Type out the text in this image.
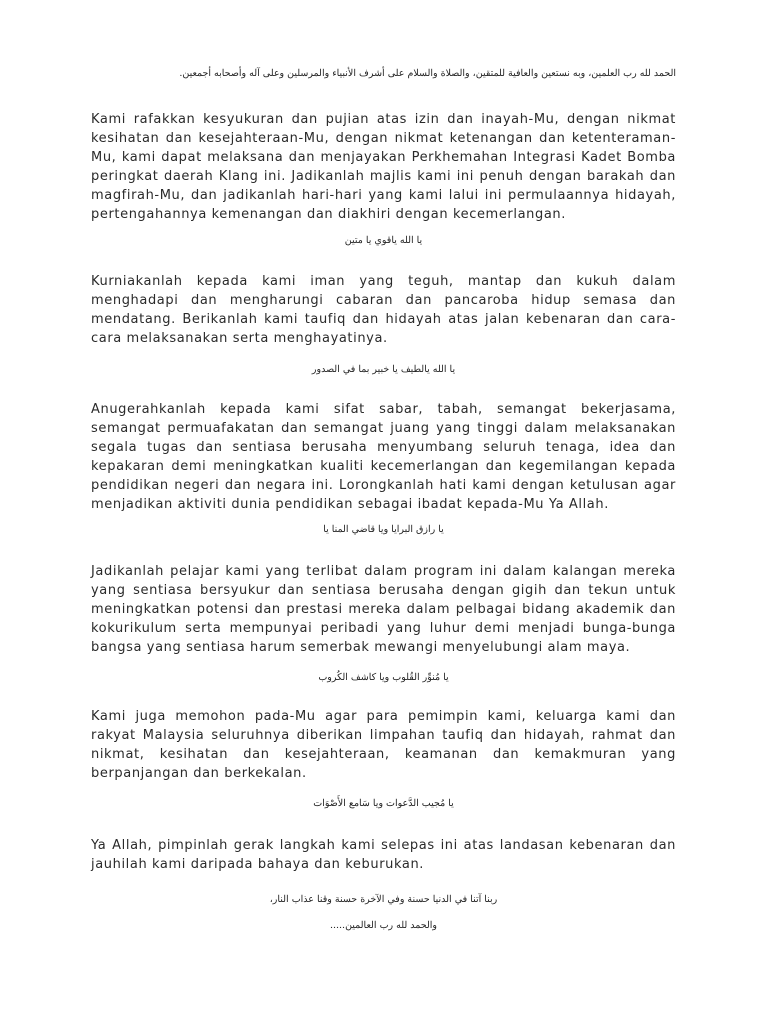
الحمد لله رب العلمين، وبه نستعين والعافية للمتقين، والصلاة والسلام على أشرف الأنبياء والمرسلين وعلى آله وأصحابه أجمعين.

Kami rafakkan kesyukuran dan pujian atas izin dan inayah-Mu, dengan nikmat kesihatan dan kesejahteraan-Mu, dengan nikmat ketenangan dan ketenteraman-Mu, kami dapat melaksana dan menjayakan Perkhemahan Integrasi Kadet Bomba peringkat daerah Klang ini. Jadikanlah majlis kami ini penuh dengan barakah dan magfirah-Mu, dan jadikanlah hari-hari yang kami lalui ini permulaannya hidayah, pertengahannya kemenangan dan diakhiri dengan kecemerlangan.

يا الله ياقوي يا متين

Kurniakanlah kepada kami iman yang teguh, mantap dan kukuh dalam menghadapi dan mengharungi cabaran dan pancaroba hidup semasa dan mendatang. Berikanlah kami taufiq dan hidayah atas jalan kebenaran dan cara-cara melaksanakan serta menghayatinya.

يا الله يالطيف يا خبير بما في الصدور

Anugerahkanlah kepada kami sifat sabar, tabah, semangat bekerjasama, semangat permuafakatan dan semangat juang yang tinggi dalam melaksanakan segala tugas dan sentiasa berusaha menyumbang seluruh tenaga, idea dan kepakaran demi meningkatkan kualiti kecemerlangan dan kegemilangan kepada pendidikan negeri dan negara ini. Lorongkanlah hati kami dengan ketulusan agar menjadikan aktiviti dunia pendidikan sebagai ibadat kepada-Mu Ya Allah.

يا رازق البرايا ويا قاضي المنا يا

Jadikanlah pelajar kami yang terlibat dalam program ini dalam kalangan mereka yang sentiasa bersyukur dan sentiasa berusaha dengan gigih dan tekun untuk meningkatkan potensi dan prestasi mereka dalam pelbagai bidang akademik dan kokurikulum serta mempunyai peribadi yang luhur demi menjadi bunga-bunga bangsa yang sentiasa harum semerbak mewangi menyelubungi alam maya.

يا مُنوِّر القُلوب ويا كاشف الكُروب

Kami juga memohon pada-Mu agar para pemimpin kami, keluarga kami dan rakyat Malaysia seluruhnya diberikan limpahan taufiq dan hidayah, rahmat dan nikmat, kesihatan dan kesejahteraan, keamanan dan kemakmuran yang berpanjangan dan berkekalan.

يا مُجيب الدَّعوات ويا سَامع الأَصْوَات

Ya Allah, pimpinlah gerak langkah kami selepas ini atas landasan kebenaran dan jauhilah kami daripada bahaya dan keburukan.

ربنا آتنا في الدنيا حسنة وفي الآخرة حسنة وقنا عذاب النار،

والحمد لله رب العالمين.....
